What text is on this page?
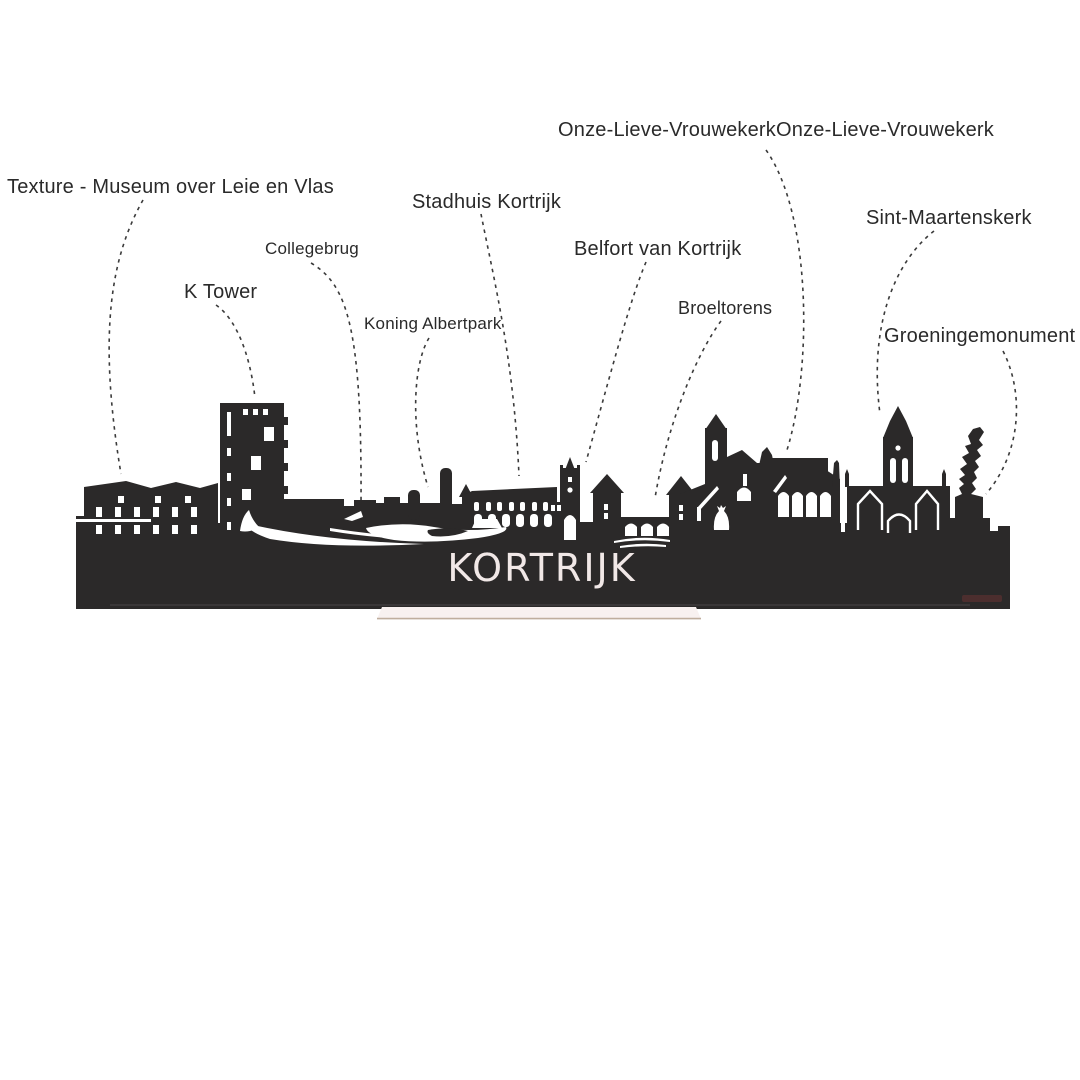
Onze-Lieve-VrouwekerkOnze-Lieve-Vrouwekerk
Texture - Museum over Leie en Vlas
Stadhuis Kortrijk
Sint-Maartenskerk
Collegebrug	Belfort van Kortrijk
K Tower
Broeltorens
Koning Albertpark
Groeningemonument
KORTRIJK
